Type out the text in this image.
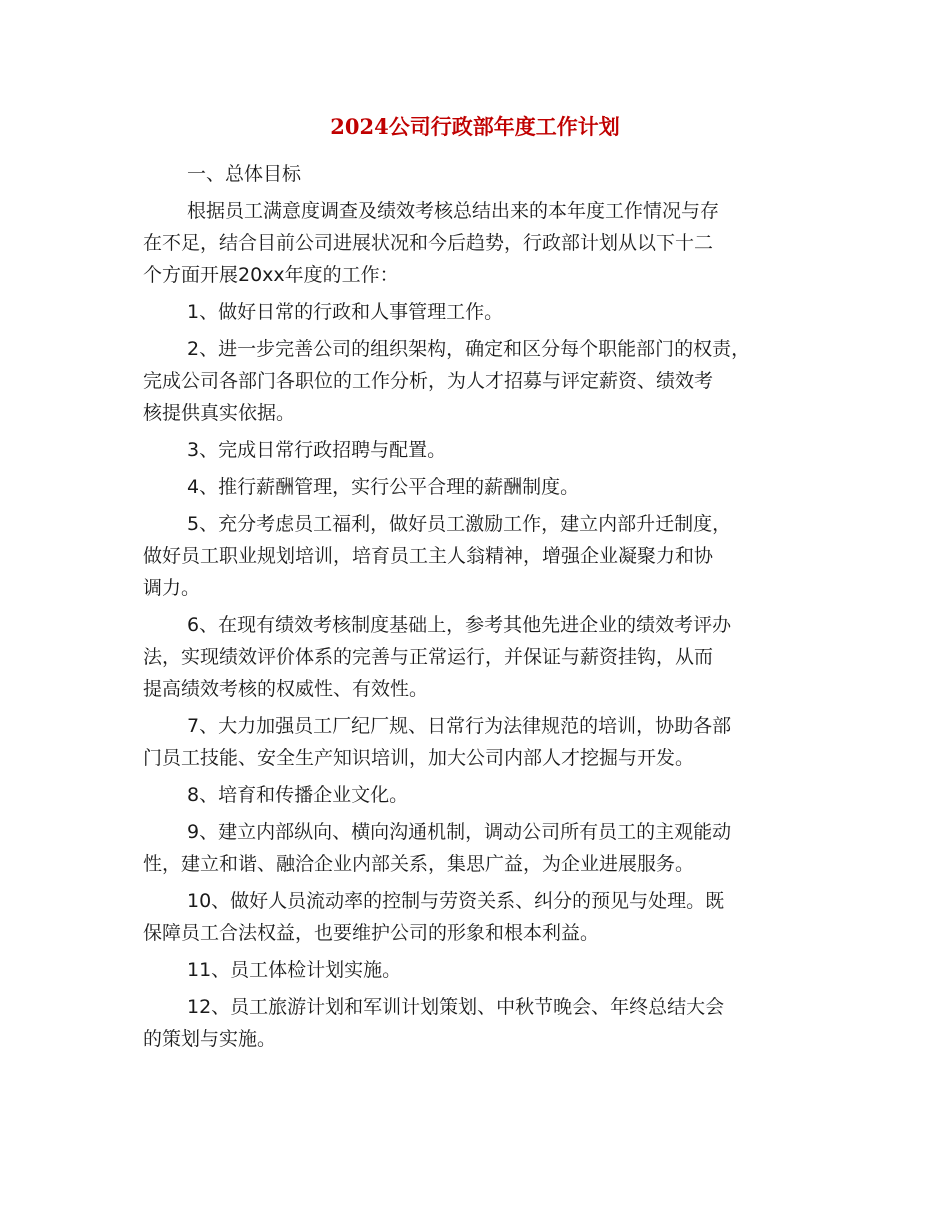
2024公司行政部年度工作计划
一、总体目标
根据员工满意度调查及绩效考核总结出来的本年度工作情况与存
在不足，结合目前公司进展状况和今后趋势，行政部计划从以下十二
个方面开展20xx年度的工作：
1、做好日常的行政和人事管理工作。
2、进一步完善公司的组织架构，确定和区分每个职能部门的权责，
完成公司各部门各职位的工作分析，为人才招募与评定薪资、绩效考
核提供真实依据。
3、完成日常行政招聘与配置。
4、推行薪酬管理，实行公平合理的薪酬制度。
5、充分考虑员工福利，做好员工激励工作，建立内部升迁制度，
做好员工职业规划培训，培育员工主人翁精神，增强企业凝聚力和协
调力。
6、在现有绩效考核制度基础上，参考其他先进企业的绩效考评办
法，实现绩效评价体系的完善与正常运行，并保证与薪资挂钩，从而
提高绩效考核的权威性、有效性。
7、大力加强员工厂纪厂规、日常行为法律规范的培训，协助各部
门员工技能、安全生产知识培训，加大公司内部人才挖掘与开发。
8、培育和传播企业文化。
9、建立内部纵向、横向沟通机制，调动公司所有员工的主观能动
性，建立和谐、融洽企业内部关系，集思广益，为企业进展服务。
10、做好人员流动率的控制与劳资关系、纠分的预见与处理。既
保障员工合法权益，也要维护公司的形象和根本利益。
11、员工体检计划实施。
12、员工旅游计划和军训计划策划、中秋节晚会、年终总结大会
的策划与实施。
